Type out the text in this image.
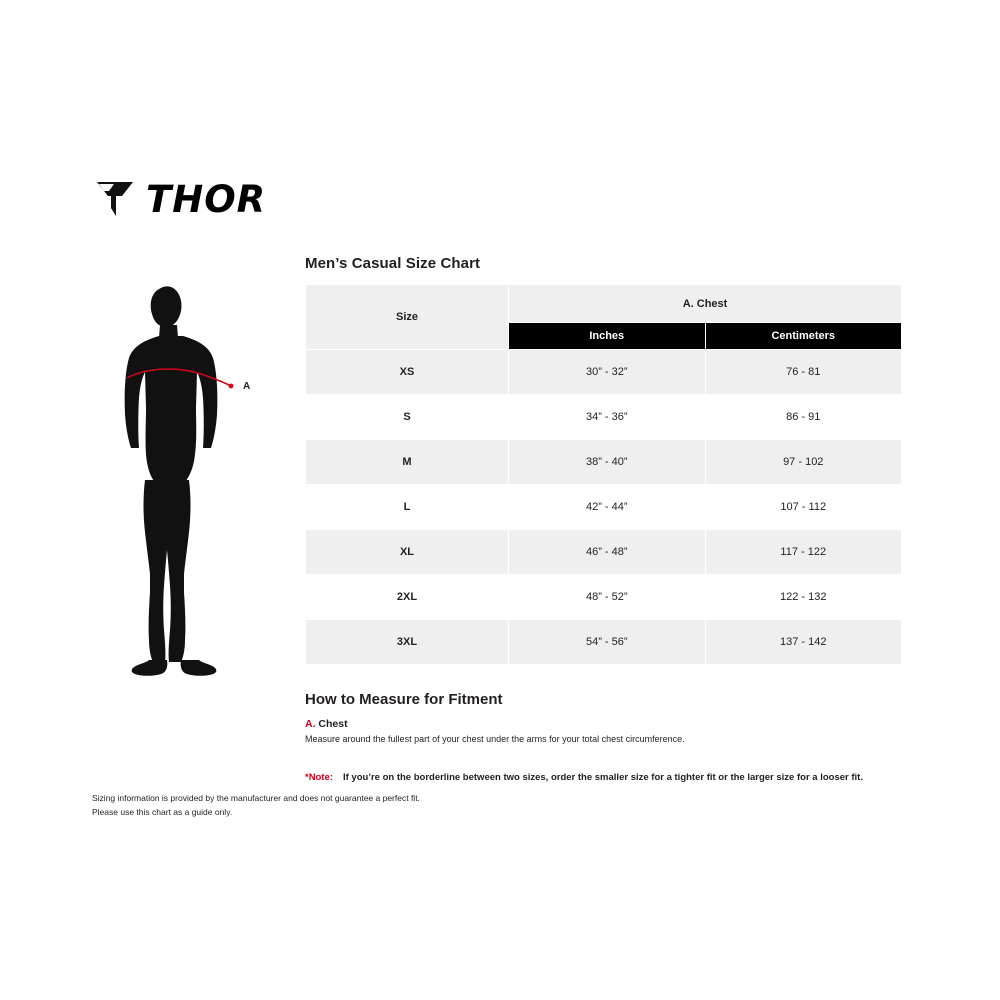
THOR
A
Men’s Casual Size Chart
Size	A. Chest	
	Inches	Centimeters
XS	30” - 32”	76 - 81
S	34” - 36”	86 - 91
M	38” - 40”	97 - 102
L	42” - 44”	107 - 112
XL	46” - 48”	117 - 122
2XL	48” - 52”	122 - 132
3XL	54” - 56”	137 - 142
How to Measure for Fitment

A. Chest

Measure around the fullest part of your chest under the arms for your total chest circumference.

*Note: If you’re on the borderline between two sizes, order the smaller size for a tighter fit or the larger size for a looser fit.

Sizing information is provided by the manufacturer and does not guarantee a perfect fit.
Please use this chart as a guide only.
